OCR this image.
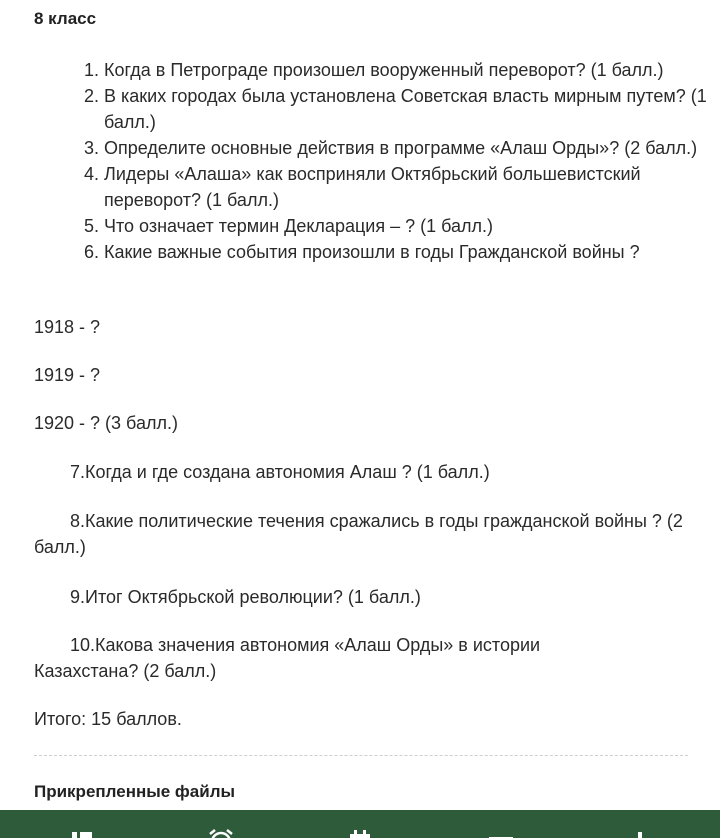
8 класс
1. Когда в Петрограде произошел вооруженный переворот? (1 балл.)
2. В каких городах была установлена Советская власть мирным путем? (1 балл.)
3. Определите основные действия в программе «Алаш Орды»? (2 балл.)
4. Лидеры «Алаша» как восприняли Октябрьский большевистский переворот? (1 балл.)
5. Что означает термин Декларация – ? (1 балл.)
6. Какие важные события произошли в годы Гражданской войны ?

1918 - ?

1919 - ?

1920 - ? (3 балл.)

7.Когда и где создана автономия Алаш ? (1 балл.)

8.Какие политические течения сражались в годы гражданской войны ? (2 балл.)

9.Итог Октябрьской революции? (1 балл.)

10.Какова значения автономия «Алаш Орды» в истории Казахстана? (2 балл.)

Итого: 15 баллов.

Прикрепленные файлы
